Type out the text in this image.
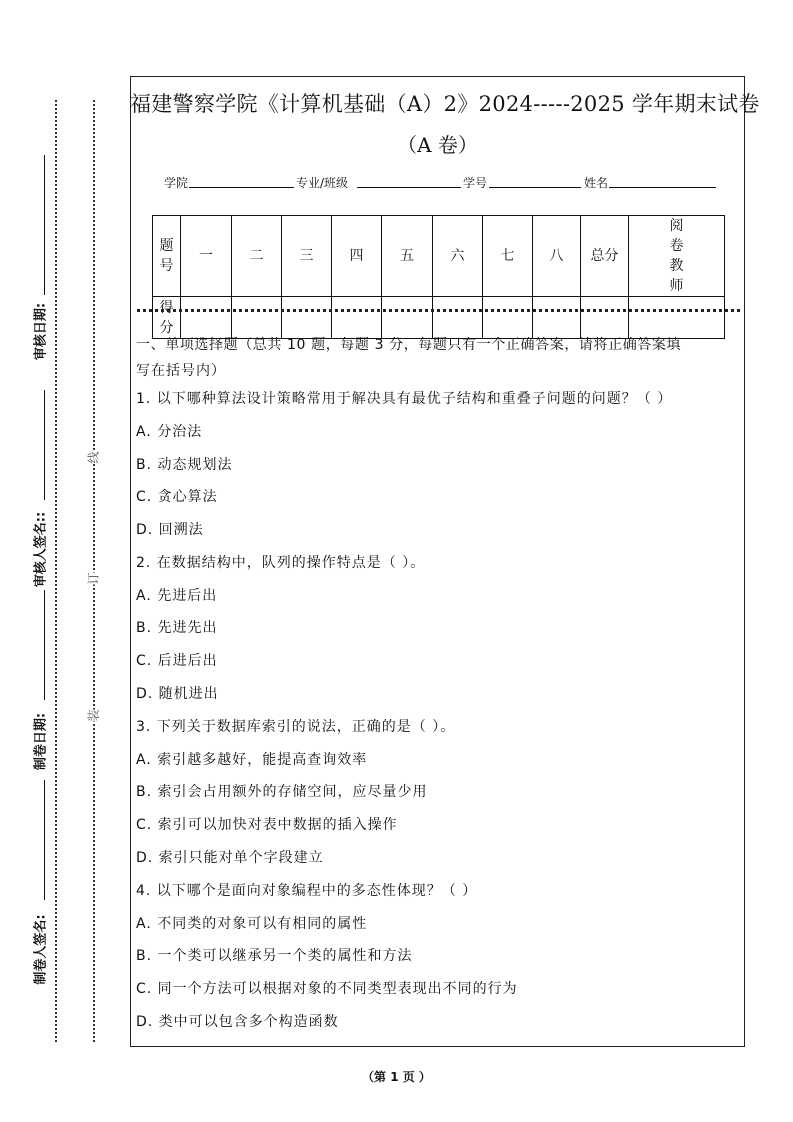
审核日期:
审核人签名::
制卷日期:
制卷人签名:
线
订
装
福建警察学院《计算机基础（A）2》2024-----2025 学年期末试卷
（A 卷）
学院	专业/班级	学号	姓名
题号	一	二	三	四	五	六	七	八	总分	阅卷教师
得分										
一、单项选择题（总共 10 题，每题 3 分，每题只有一个正确答案，请将正确答案填
写在括号内）
1. 以下哪种算法设计策略常用于解决具有最优子结构和重叠子问题的问题？（ ）
A. 分治法
B. 动态规划法
C. 贪心算法
D. 回溯法
2. 在数据结构中，队列的操作特点是（ ）。
A. 先进后出
B. 先进先出
C. 后进后出
D. 随机进出
3. 下列关于数据库索引的说法，正确的是（ ）。
A. 索引越多越好，能提高查询效率
B. 索引会占用额外的存储空间，应尽量少用
C. 索引可以加快对表中数据的插入操作
D. 索引只能对单个字段建立
4. 以下哪个是面向对象编程中的多态性体现？（ ）
A. 不同类的对象可以有相同的属性
B. 一个类可以继承另一个类的属性和方法
C. 同一个方法可以根据对象的不同类型表现出不同的行为
D. 类中可以包含多个构造函数
（第 1 页 ）
